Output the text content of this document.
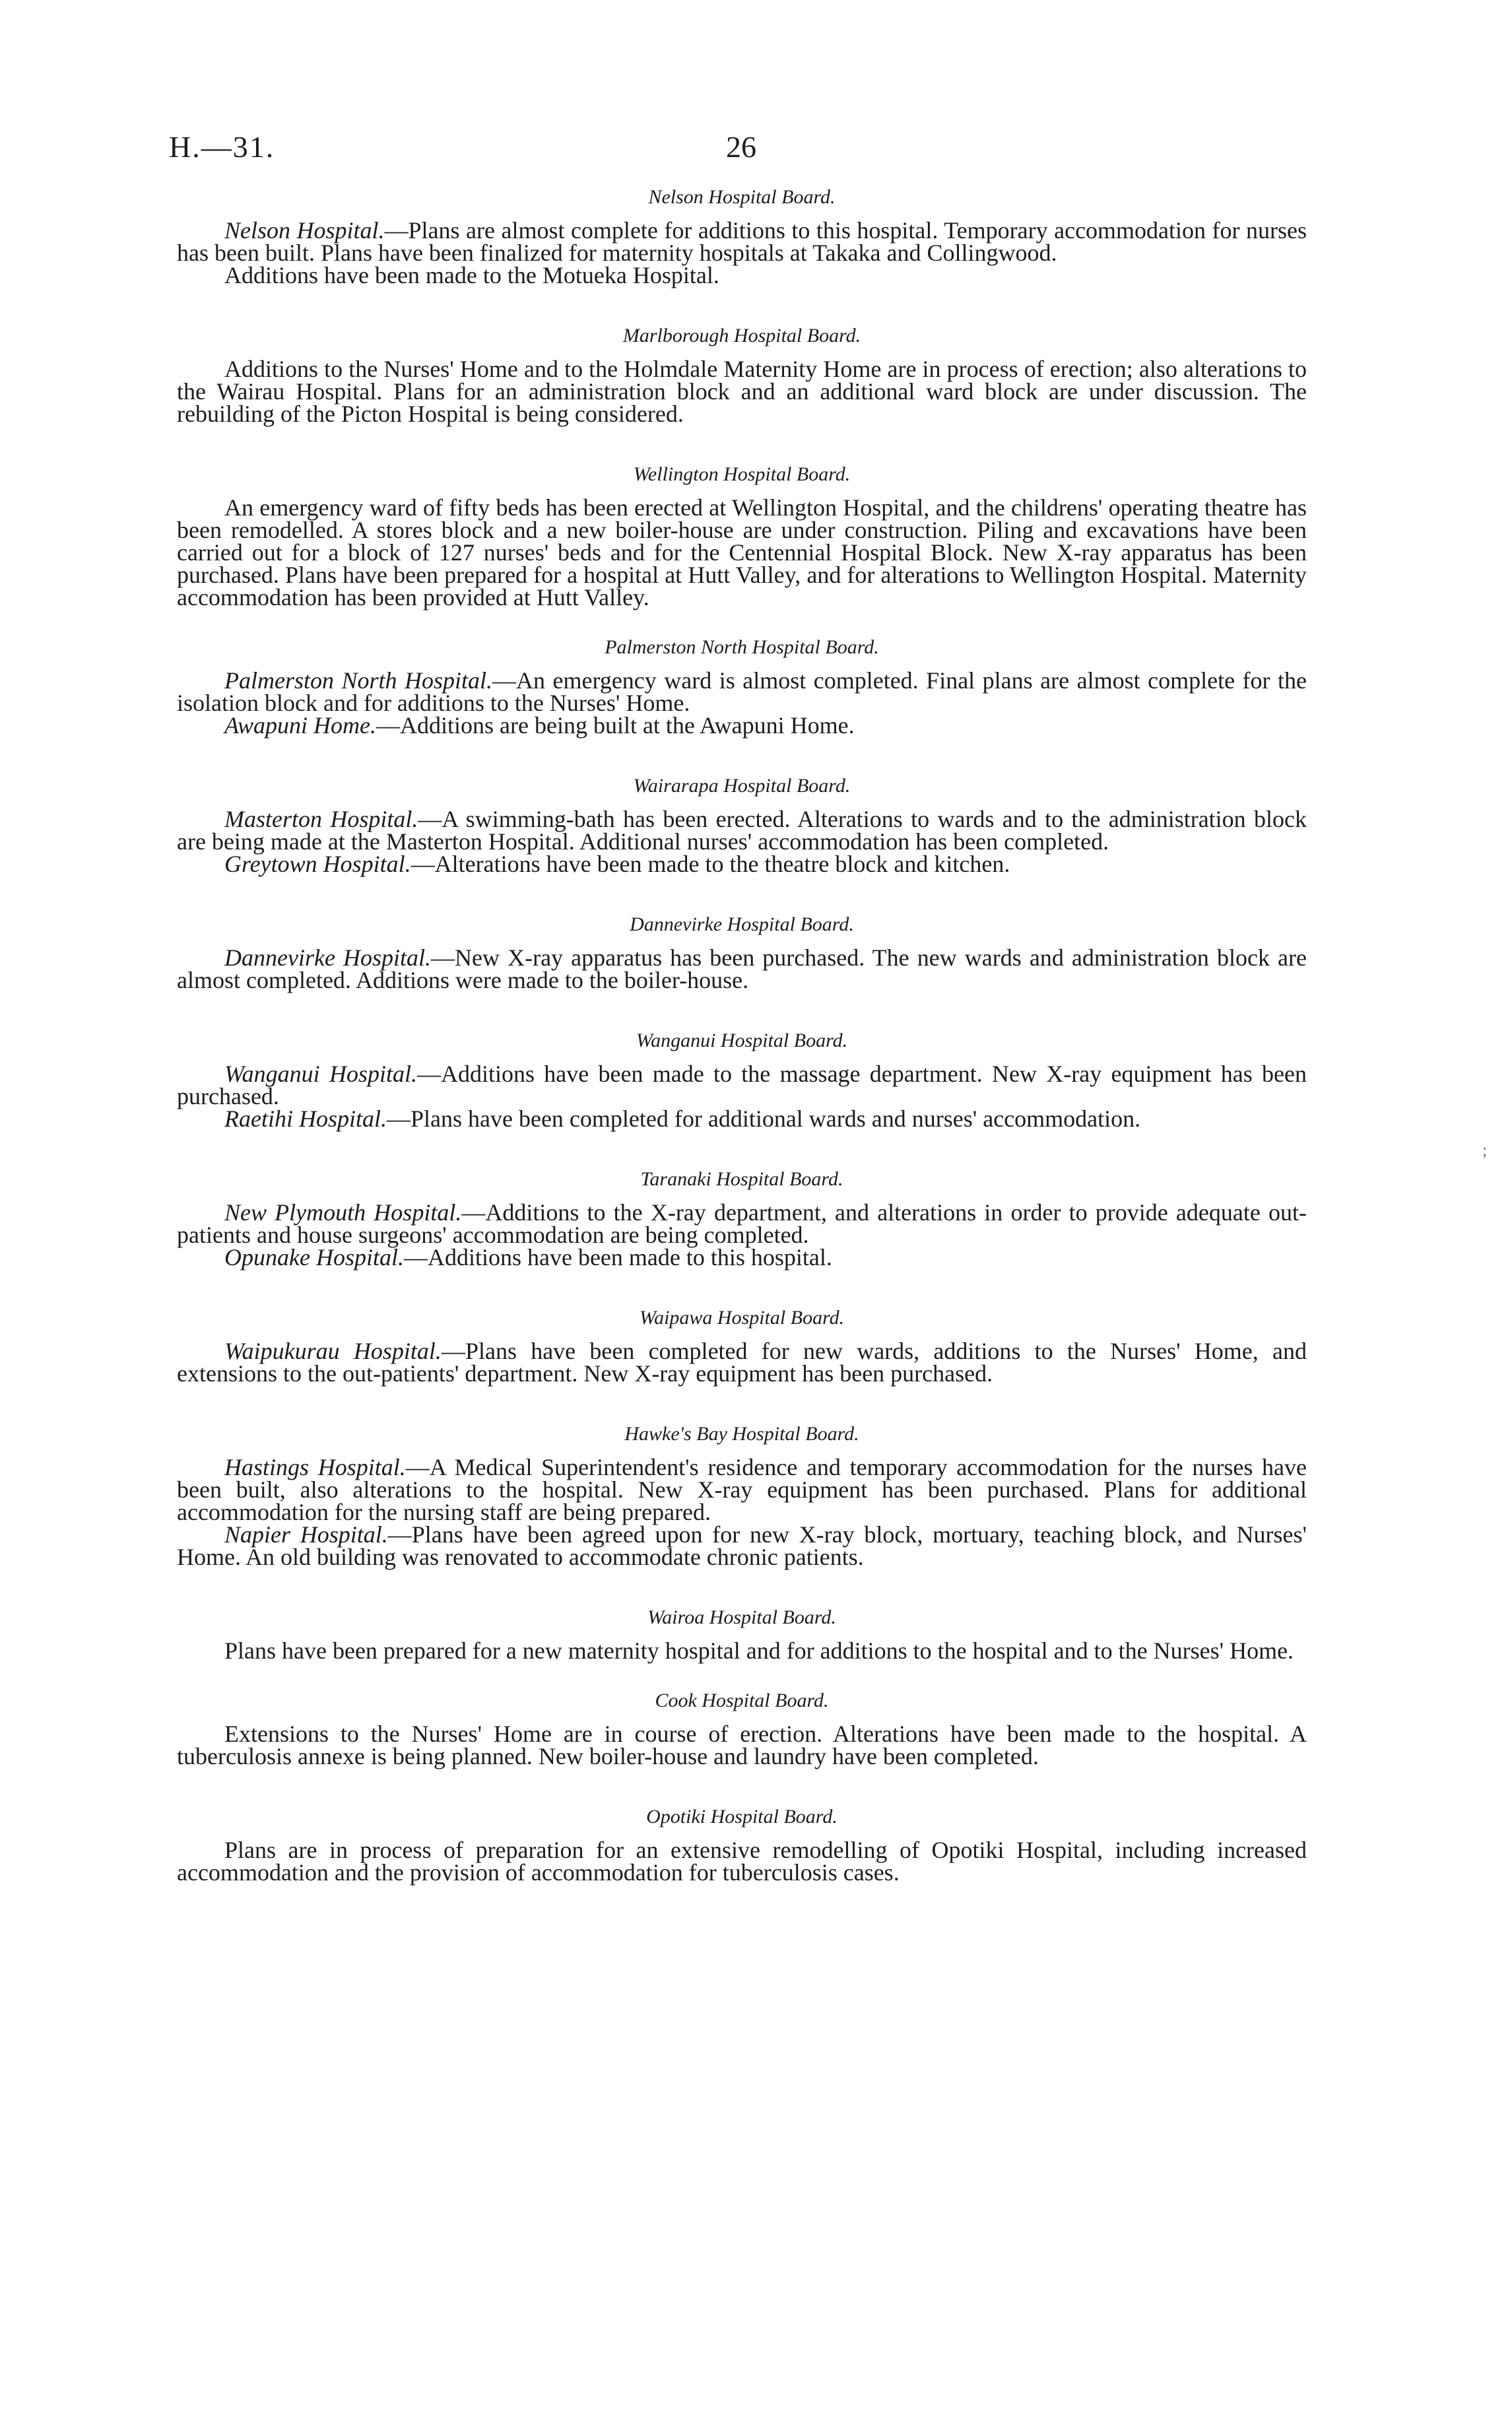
H.—31.	26
;
Nelson Hospital Board.

Nelson Hospital.—Plans are almost complete for additions to this hospital. Temporary accommodation for nurses has been built. Plans have been finalized for maternity hospitals at Takaka and Collingwood.

Additions have been made to the Motueka Hospital.

Marlborough Hospital Board.

Additions to the Nurses' Home and to the Holmdale Maternity Home are in process of erection; also alterations to the Wairau Hospital. Plans for an administration block and an additional ward block are under discussion. The rebuilding of the Picton Hospital is being considered.

Wellington Hospital Board.

An emergency ward of fifty beds has been erected at Wellington Hospital, and the childrens' operating theatre has been remodelled. A stores block and a new boiler-house are under construction. Piling and excavations have been carried out for a block of 127 nurses' beds and for the Centennial Hospital Block. New X-ray apparatus has been purchased. Plans have been prepared for a hospital at Hutt Valley, and for alterations to Wellington Hospital. Maternity accommodation has been provided at Hutt Valley.

Palmerston North Hospital Board.

Palmerston North Hospital.—An emergency ward is almost completed. Final plans are almost complete for the isolation block and for additions to the Nurses' Home.

Awapuni Home.—Additions are being built at the Awapuni Home.

Wairarapa Hospital Board.

Masterton Hospital.—A swimming-bath has been erected. Alterations to wards and to the administration block are being made at the Masterton Hospital. Additional nurses' accommodation has been completed.

Greytown Hospital.—Alterations have been made to the theatre block and kitchen.

Dannevirke Hospital Board.

Dannevirke Hospital.—New X-ray apparatus has been purchased. The new wards and administration block are almost completed. Additions were made to the boiler-house.

Wanganui Hospital Board.

Wanganui Hospital.—Additions have been made to the massage department. New X-ray equipment has been purchased.

Raetihi Hospital.—Plans have been completed for additional wards and nurses' accommodation.

Taranaki Hospital Board.

New Plymouth Hospital.—Additions to the X-ray department, and alterations in order to provide adequate out-patients and house surgeons' accommodation are being completed.

Opunake Hospital.—Additions have been made to this hospital.

Waipawa Hospital Board.

Waipukurau Hospital.—Plans have been completed for new wards, additions to the Nurses' Home, and extensions to the out-patients' department. New X-ray equipment has been purchased.

Hawke's Bay Hospital Board.

Hastings Hospital.—A Medical Superintendent's residence and temporary accommodation for the nurses have been built, also alterations to the hospital. New X-ray equipment has been purchased. Plans for additional accommodation for the nursing staff are being prepared.

Napier Hospital.—Plans have been agreed upon for new X-ray block, mortuary, teaching block, and Nurses' Home. An old building was renovated to accommodate chronic patients.

Wairoa Hospital Board.

Plans have been prepared for a new maternity hospital and for additions to the hospital and to the Nurses' Home.

Cook Hospital Board.

Extensions to the Nurses' Home are in course of erection. Alterations have been made to the hospital. A tuberculosis annexe is being planned. New boiler-house and laundry have been completed.

Opotiki Hospital Board.

Plans are in process of preparation for an extensive remodelling of Opotiki Hospital, including increased accommodation and the provision of accommodation for tuberculosis cases.
